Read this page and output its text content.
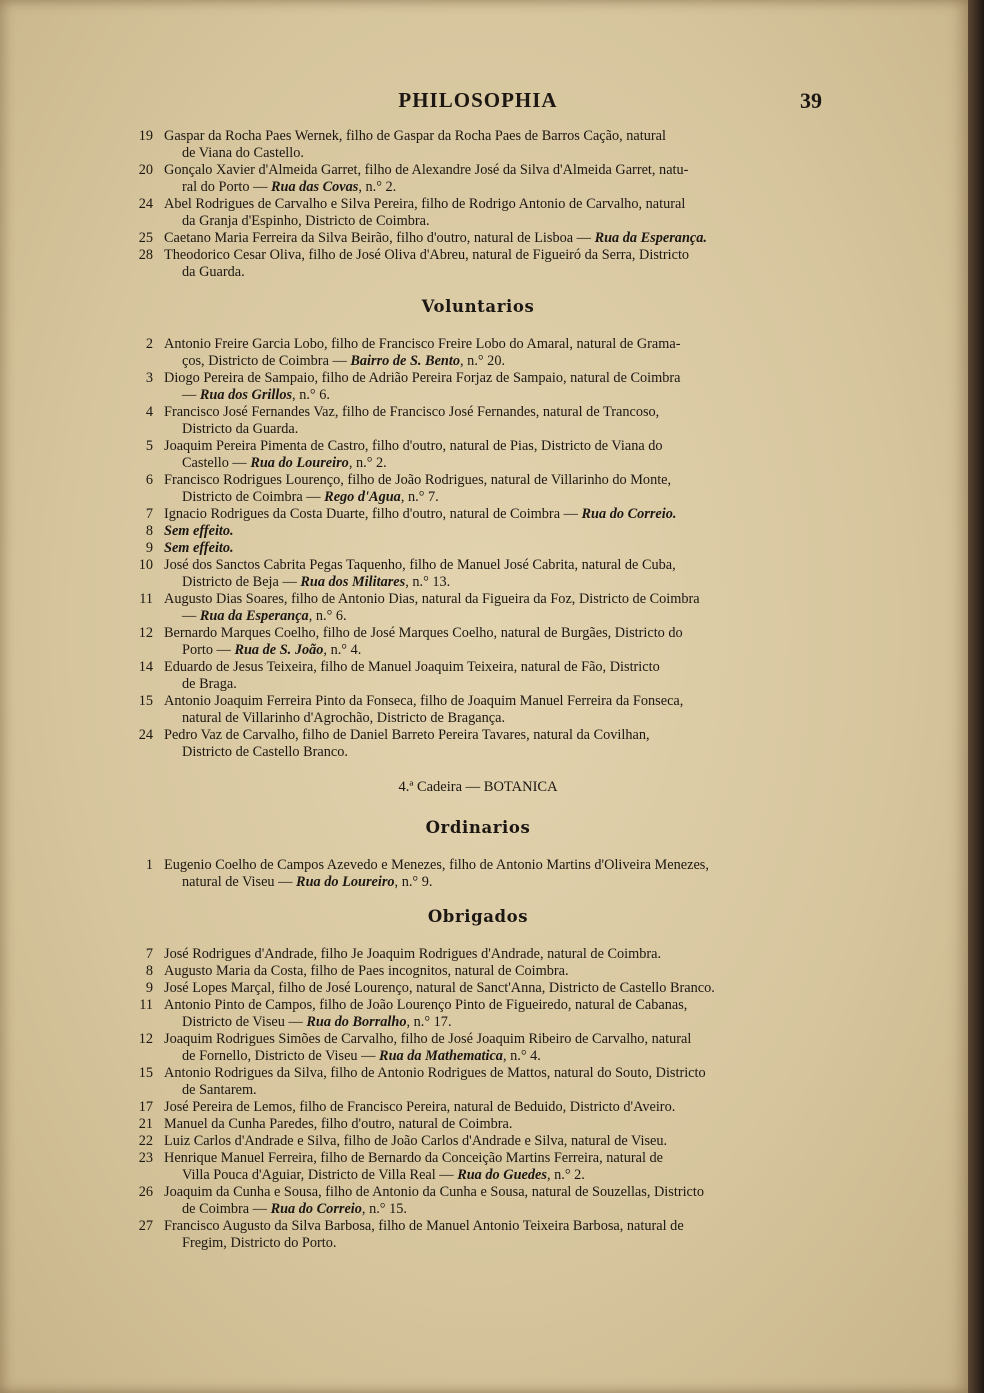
PHILOSOPHIA	39

19 Gaspar da Rocha Paes Wernek, filho de Gaspar da Rocha Paes de Barros Cação, natural
de Viana do Castello.

20 Gonçalo Xavier d'Almeida Garret, filho de Alexandre José da Silva d'Almeida Garret, natu-
ral do Porto — Rua das Covas, n.° 2.

24 Abel Rodrigues de Carvalho e Silva Pereira, filho de Rodrigo Antonio de Carvalho, natural
da Granja d'Espinho, Districto de Coimbra.

25 Caetano Maria Ferreira da Silva Beirão, filho d'outro, natural de Lisboa — Rua da Esperança.

28 Theodorico Cesar Oliva, filho de José Oliva d'Abreu, natural de Figueiró da Serra, Districto
da Guarda.

Voluntarios

2 Antonio Freire Garcia Lobo, filho de Francisco Freire Lobo do Amaral, natural de Grama-
ços, Districto de Coimbra — Bairro de S. Bento, n.° 20.

3 Diogo Pereira de Sampaio, filho de Adrião Pereira Forjaz de Sampaio, natural de Coimbra
— Rua dos Grillos, n.° 6.

4 Francisco José Fernandes Vaz, filho de Francisco José Fernandes, natural de Trancoso,
Districto da Guarda.

5 Joaquim Pereira Pimenta de Castro, filho d'outro, natural de Pias, Districto de Viana do
Castello — Rua do Loureiro, n.° 2.

6 Francisco Rodrigues Lourenço, filho de João Rodrigues, natural de Villarinho do Monte,
Districto de Coimbra — Rego d'Agua, n.° 7.

7 Ignacio Rodrigues da Costa Duarte, filho d'outro, natural de Coimbra — Rua do Correio.

8 Sem effeito.

9 Sem effeito.

10 José dos Sanctos Cabrita Pegas Taquenho, filho de Manuel José Cabrita, natural de Cuba,
Districto de Beja — Rua dos Militares, n.° 13.

11 Augusto Dias Soares, filho de Antonio Dias, natural da Figueira da Foz, Districto de Coimbra
— Rua da Esperança, n.° 6.

12 Bernardo Marques Coelho, filho de José Marques Coelho, natural de Burgães, Districto do
Porto — Rua de S. João, n.° 4.

14 Eduardo de Jesus Teixeira, filho de Manuel Joaquim Teixeira, natural de Fão, Districto
de Braga.

15 Antonio Joaquim Ferreira Pinto da Fonseca, filho de Joaquim Manuel Ferreira da Fonseca,
natural de Villarinho d'Agrochão, Districto de Bragança.

24 Pedro Vaz de Carvalho, filho de Daniel Barreto Pereira Tavares, natural da Covilhan,
Districto de Castello Branco.

4.ª Cadeira — BOTANICA
Ordinarios

1 Eugenio Coelho de Campos Azevedo e Menezes, filho de Antonio Martins d'Oliveira Menezes,
natural de Viseu — Rua do Loureiro, n.° 9.

Obrigados

7 José Rodrigues d'Andrade, filho Je Joaquim Rodrigues d'Andrade, natural de Coimbra.

8 Augusto Maria da Costa, filho de Paes incognitos, natural de Coimbra.

9 José Lopes Marçal, filho de José Lourenço, natural de Sanct'Anna, Districto de Castello Branco.

11 Antonio Pinto de Campos, filho de João Lourenço Pinto de Figueiredo, natural de Cabanas,
Districto de Viseu — Rua do Borralho, n.° 17.

12 Joaquim Rodrigues Simões de Carvalho, filho de José Joaquim Ribeiro de Carvalho, natural
de Fornello, Districto de Viseu — Rua da Mathematica, n.° 4.

15 Antonio Rodrigues da Silva, filho de Antonio Rodrigues de Mattos, natural do Souto, Districto
de Santarem.

17 José Pereira de Lemos, filho de Francisco Pereira, natural de Beduido, Districto d'Aveiro.

21 Manuel da Cunha Paredes, filho d'outro, natural de Coimbra.

22 Luiz Carlos d'Andrade e Silva, filho de João Carlos d'Andrade e Silva, natural de Viseu.

23 Henrique Manuel Ferreira, filho de Bernardo da Conceição Martins Ferreira, natural de
Villa Pouca d'Aguiar, Districto de Villa Real — Rua do Guedes, n.° 2.

26 Joaquim da Cunha e Sousa, filho de Antonio da Cunha e Sousa, natural de Souzellas, Districto
de Coimbra — Rua do Correio, n.° 15.

27 Francisco Augusto da Silva Barbosa, filho de Manuel Antonio Teixeira Barbosa, natural de
Fregim, Districto do Porto.
